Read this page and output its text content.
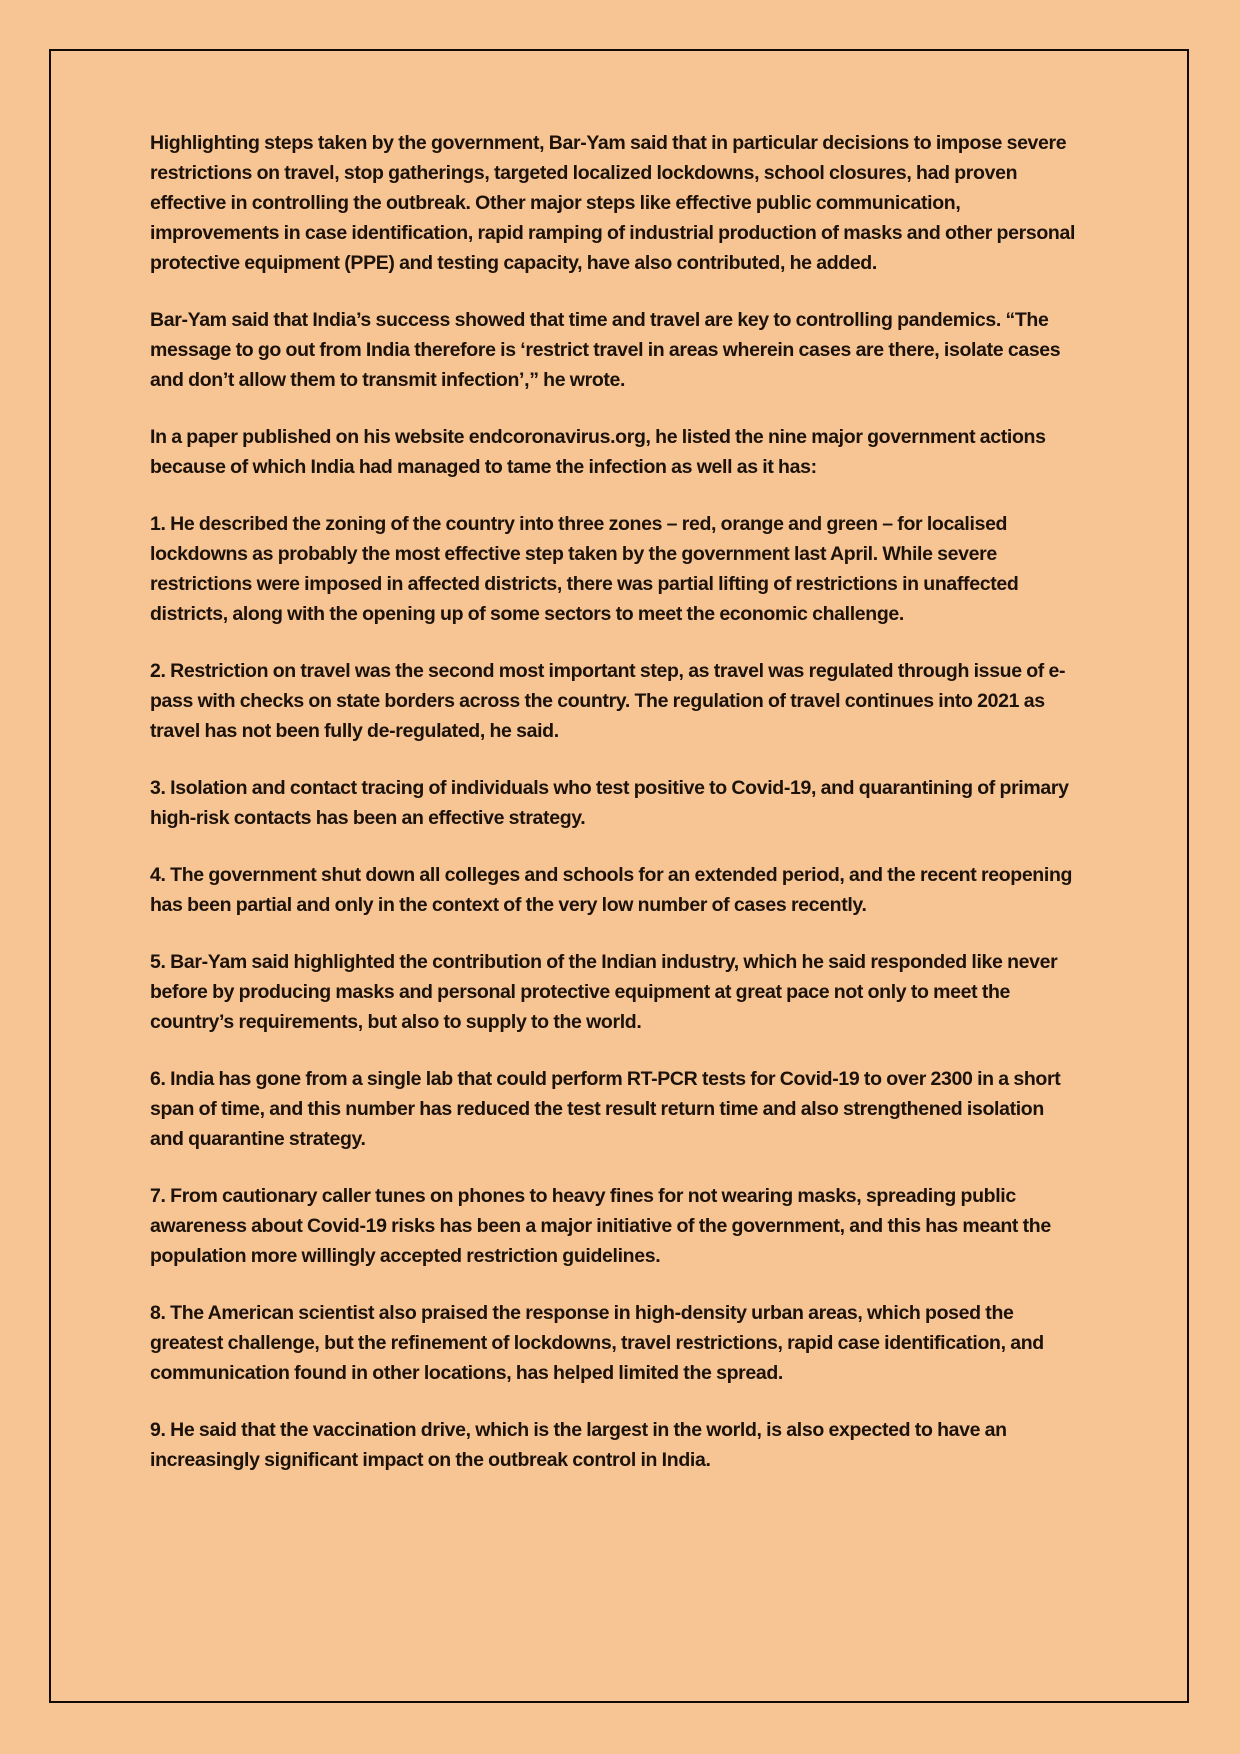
Highlighting steps taken by the government, Bar-Yam said that in particular decisions to impose severe restrictions on travel, stop gatherings, targeted localized lockdowns, school closures, had proven effective in controlling the outbreak. Other major steps like effective public communication, improvements in case identification, rapid ramping of industrial production of masks and other personal protective equipment (PPE) and testing capacity, have also contributed, he added.

Bar-Yam said that India’s success showed that time and travel are key to controlling pandemics. “The message to go out from India therefore is ‘restrict travel in areas wherein cases are there, isolate cases and don’t allow them to transmit infection’,” he wrote.

In a paper published on his website endcoronavirus.org, he listed the nine major government actions because of which India had managed to tame the infection as well as it has:

1. He described the zoning of the country into three zones – red, orange and green – for localised lockdowns as probably the most effective step taken by the government last April. While severe restrictions were imposed in affected districts, there was partial lifting of restrictions in unaffected districts, along with the opening up of some sectors to meet the economic challenge.

2. Restriction on travel was the second most important step, as travel was regulated through issue of e-pass with checks on state borders across the country. The regulation of travel continues into 2021 as travel has not been fully de-regulated, he said.

3. Isolation and contact tracing of individuals who test positive to Covid-19, and quarantining of primary high-risk contacts has been an effective strategy.

4. The government shut down all colleges and schools for an extended period, and the recent reopening has been partial and only in the context of the very low number of cases recently.

5. Bar-Yam said highlighted the contribution of the Indian industry, which he said responded like never before by producing masks and personal protective equipment at great pace not only to meet the country’s requirements, but also to supply to the world.

6. India has gone from a single lab that could perform RT-PCR tests for Covid-19 to over 2300 in a short span of time, and this number has reduced the test result return time and also strengthened isolation and quarantine strategy.

7. From cautionary caller tunes on phones to heavy fines for not wearing masks, spreading public awareness about Covid-19 risks has been a major initiative of the government, and this has meant the population more willingly accepted restriction guidelines.

8. The American scientist also praised the response in high-density urban areas, which posed the greatest challenge, but the refinement of lockdowns, travel restrictions, rapid case identification, and communication found in other locations, has helped limited the spread.

9. He said that the vaccination drive, which is the largest in the world, is also expected to have an increasingly significant impact on the outbreak control in India.
